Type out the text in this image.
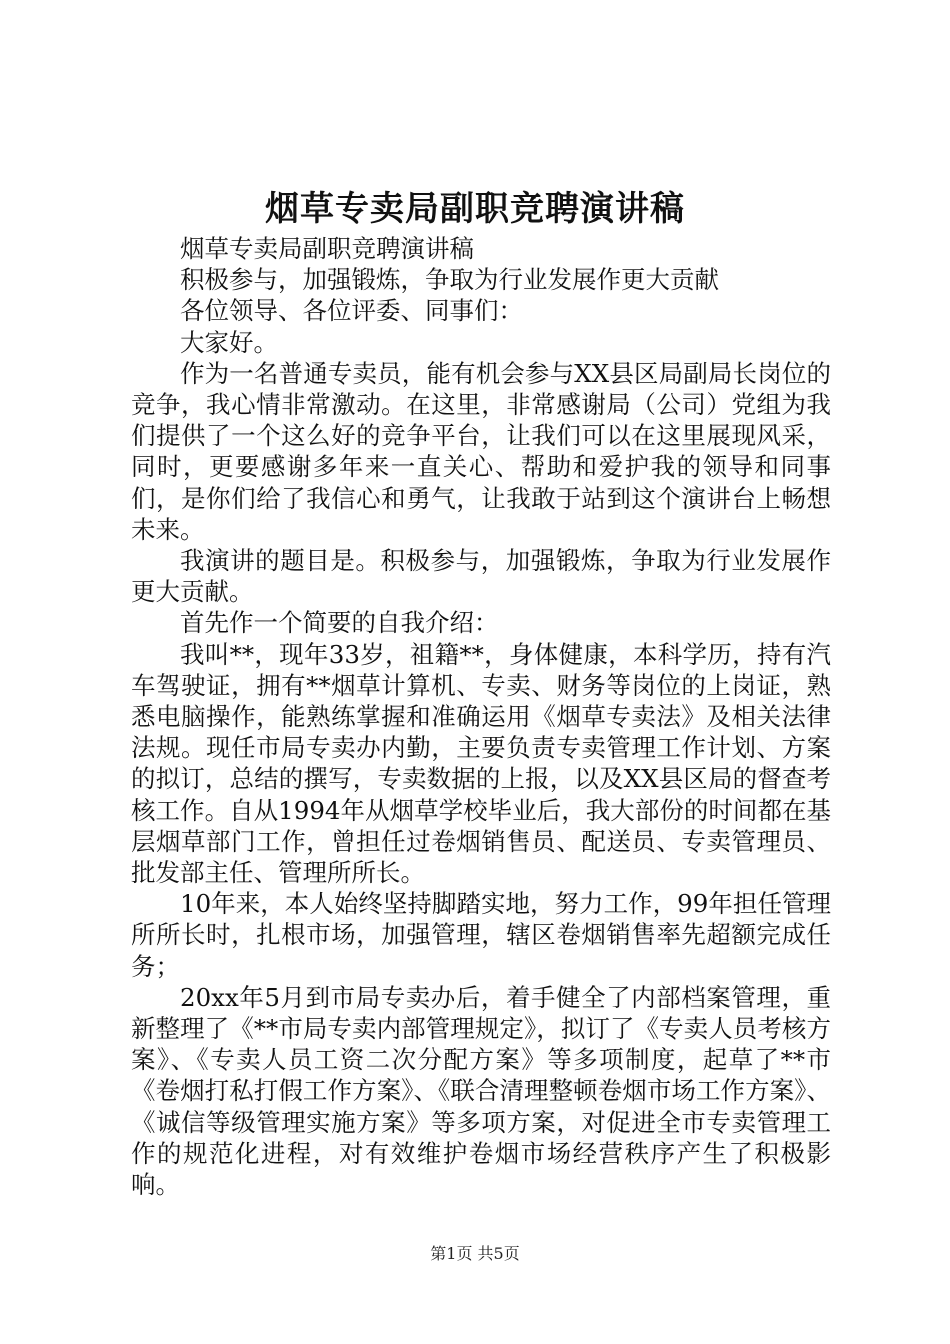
烟草专卖局副职竞聘演讲稿

烟草专卖局副职竞聘演讲稿

积极参与，加强锻炼，争取为行业发展作更大贡献

各位领导、各位评委、同事们：

大家好。

作为一名普通专卖员，能有机会参与XX县区局副局长岗位的竞争，我心情非常激动。在这里，非常感谢局（公司）党组为我们提供了一个这么好的竞争平台，让我们可以在这里展现风采，同时，更要感谢多年来一直关心、帮助和爱护我的领导和同事们，是你们给了我信心和勇气，让我敢于站到这个演讲台上畅想未来。

我演讲的题目是。积极参与，加强锻炼，争取为行业发展作更大贡献。

首先作一个简要的自我介绍：

我叫**，现年33岁，祖籍**，身体健康，本科学历，持有汽车驾驶证，拥有**烟草计算机、专卖、财务等岗位的上岗证，熟悉电脑操作，能熟练掌握和准确运用《烟草专卖法》及相关法律法规。现任市局专卖办内勤，主要负责专卖管理工作计划、方案的拟订，总结的撰写，专卖数据的上报，以及XX县区局的督查考核工作。自从1994年从烟草学校毕业后，我大部份的时间都在基层烟草部门工作，曾担任过卷烟销售员、配送员、专卖管理员、批发部主任、管理所所长。

10年来，本人始终坚持脚踏实地，努力工作，99年担任管理所所长时，扎根市场，加强管理，辖区卷烟销售率先超额完成任务；

20xx年5月到市局专卖办后，着手健全了内部档案管理，重新整理了《**市局专卖内部管理规定》，拟订了《专卖人员考核方案》、《专卖人员工资二次分配方案》等多项制度，起草了**市《卷烟打私打假工作方案》、《联合清理整顿卷烟市场工作方案》、《诚信等级管理实施方案》等多项方案，对促进全市专卖管理工作的规范化进程，对有效维护卷烟市场经营秩序产生了积极影响。

第1页 共5页
